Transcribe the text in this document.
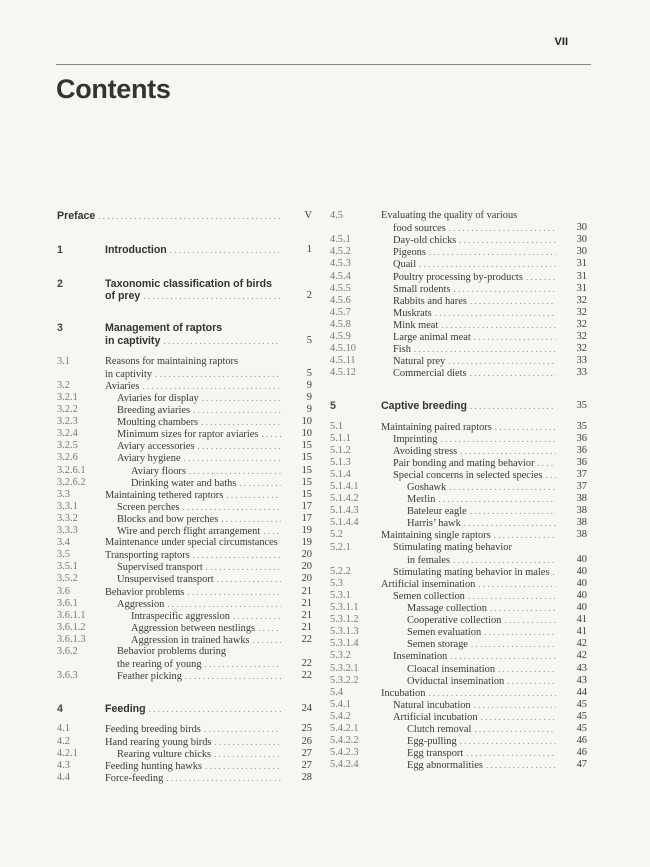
VII
Contents
Preface . . .	V
1	Introduction . . .	1
2	Taxonomic classification of birds
of prey . . .	2
3	Management of raptors
in captivity . . .	5
3.1	Reasons for maintaining raptors
in captivity . . .	5
3.2	Aviaries . . .	9
3.2.1	Aviaries for display . . .	9
3.2.2	Breeding aviaries . . .	9
3.2.3	Moulting chambers . . .	10
3.2.4	Minimum sizes for raptor aviaries . . .	10
3.2.5	Aviary accessories . . .	15
3.2.6	Aviary hygiene . . .	15
3.2.6.1	Aviary floors . . .	15
3.2.6.2	Drinking water and baths . . .	15
3.3	Maintaining tethered raptors . . .	15
3.3.1	Screen perches . . .	17
3.3.2	Blocks and bow perches . . .	17
3.3.3	Wire and perch flight arrangement . . .	19
3.4	Maintenance under special circumstances	19
3.5	Transporting raptors . . .	20
3.5.1	Supervised transport . . .	20
3.5.2	Unsupervised transport . . .	20
3.6	Behavior problems . . .	21
3.6.1	Aggression . . .	21
3.6.1.1	Intraspecific aggression . . .	21
3.6.1.2	Aggression between nestlings . . .	21
3.6.1.3	Aggression in trained hawks . . .	22
3.6.2	Behavior problems during
the rearing of young . . .	22
3.6.3	Feather picking . . .	22
4	Feeding . . .	24
4.1	Feeding breeding birds . . .	25
4.2	Hand rearing young birds . . .	26
4.2.1	Rearing vulture chicks . . .	27
4.3	Feeding hunting hawks . . .	27
4.4	Force-feeding . . .	28
4.5	Evaluating the quality of various
food sources . . .	30
4.5.1	Day-old chicks . . .	30
4.5.2	Pigeons . . .	30
4.5.3	Quail . . .	31
4.5.4	Poultry processing by-products . . .	31
4.5.5	Small rodents . . .	31
4.5.6	Rabbits and hares . . .	32
4.5.7	Muskrats . . .	32
4.5.8	Mink meat . . .	32
4.5.9	Large animal meat . . .	32
4.5.10	Fish . . .	32
4.5.11	Natural prey . . .	33
4.5.12	Commercial diets . . .	33
5	Captive breeding . . .	35
5.1	Maintaining paired raptors . . .	35
5.1.1	Imprinting . . .	36
5.1.2	Avoiding stress . . .	36
5.1.3	Pair bonding and mating behavior . . .	36
5.1.4	Special concerns in selected species . . .	37
5.1.4.1	Goshawk . . .	37
5.1.4.2	Merlin . . .	38
5.1.4.3	Bateleur eagle . . .	38
5.1.4.4	Harris’ hawk . . .	38
5.2	Maintaining single raptors . . .	38
5.2.1	Stimulating mating behavior
in females . . .	40
5.2.2	Stimulating mating behavior in males . . .	40
5.3	Artificial insemination . . .	40
5.3.1	Semen collection . . .	40
5.3.1.1	Massage collection . . .	40
5.3.1.2	Cooperative collection . . .	41
5.3.1.3	Semen evaluation . . .	41
5.3.1.4	Semen storage . . .	42
5.3.2	Insemination . . .	42
5.3.2.1	Cloacal insemination . . .	43
5.3.2.2	Oviductal insemination . . .	43
5.4	Incubation . . .	44
5.4.1	Natural incubation . . .	45
5.4.2	Artificial incubation . . .	45
5.4.2.1	Clutch removal . . .	45
5.4.2.2	Egg-pulling . . .	46
5.4.2.3	Egg transport . . .	46
5.4.2.4	Egg abnormalities . . .	47
